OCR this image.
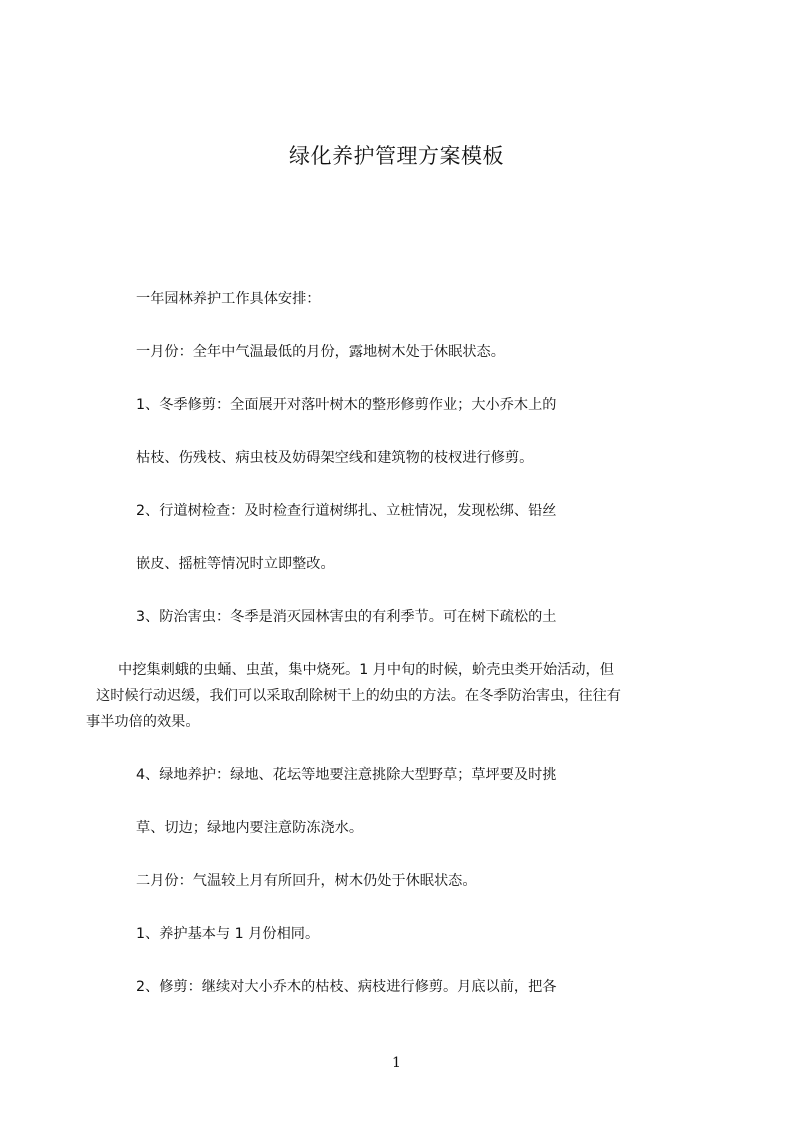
绿化养护管理方案模板

一年园林养护工作具体安排：

一月份：全年中气温最低的月份，露地树木处于休眠状态。

1、冬季修剪：全面展开对落叶树木的整形修剪作业；大小乔木上的

枯枝、伤残枝、病虫枝及妨碍架空线和建筑物的枝杈进行修剪。

2、行道树检查：及时检查行道树绑扎、立桩情况，发现松绑、铅丝

嵌皮、摇桩等情况时立即整改。

3、防治害虫：冬季是消灭园林害虫的有利季节。可在树下疏松的土

中挖集刺蛾的虫蛹、虫茧，集中烧死。1 月中旬的时候，蚧壳虫类开始活动，但
这时候行动迟缓，我们可以采取刮除树干上的幼虫的方法。在冬季防治害虫，往往有
事半功倍的效果。

4、绿地养护：绿地、花坛等地要注意挑除大型野草；草坪要及时挑

草、切边；绿地内要注意防冻浇水。

二月份：气温较上月有所回升，树木仍处于休眠状态。

1、养护基本与 1 月份相同。

2、修剪：继续对大小乔木的枯枝、病枝进行修剪。月底以前，把各

1
